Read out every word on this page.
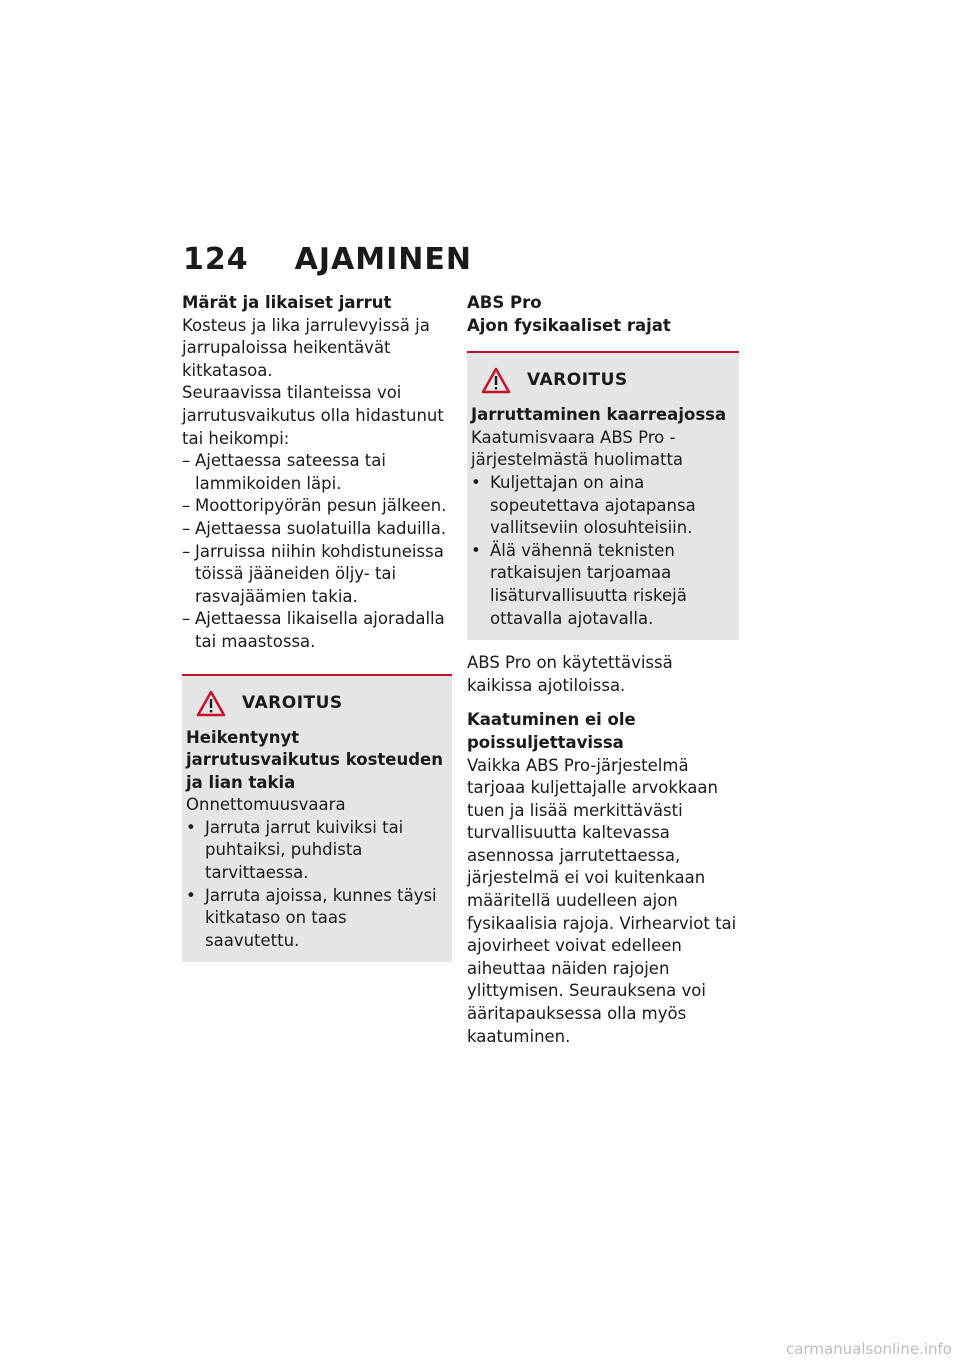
124 AJAMINEN

Märät ja likaiset jarrut

Kosteus ja lika jarrulevyissä ja jarrupaloissa heikentävät kitkatasoa.

Seuraavissa tilanteissa voi jarrutusvaikutus olla hidastunut tai heikompi:

– Ajettaessa sateessa tai lammikoiden läpi.
– Moottoripyörän pesun jälkeen.
– Ajettaessa suolatuilla kaduilla.
– Jarruissa niihin kohdistuneissa töissä jääneiden öljy- tai rasvajäämien takia.
– Ajettaessa likaisella ajoradalla tai maastossa.
VAROITUS

Heikentynyt jarrutusvaikutus kosteuden ja lian takia

Onnettomuusvaara

• Jarruta jarrut kuiviksi tai puhtaiksi, puhdista tarvittaessa.
• Jarruta ajoissa, kunnes täysi kitkataso on taas saavutettu.

ABS Pro

Ajon fysikaaliset rajat

VAROITUS

Jarruttaminen kaarreajossa

Kaatumisvaara ABS Pro -järjestelmästä huolimatta

• Kuljettajan on aina sopeutettava ajotapansa vallitseviin olosuhteisiin.
• Älä vähennä teknisten ratkaisujen tarjoamaa lisäturvallisuutta riskejä ottavalla ajotavalla.

ABS Pro on käytettävissä kaikissa ajotiloissa.

Kaatuminen ei ole poissuljettavissa

Vaikka ABS Pro-järjestelmä tarjoaa kuljettajalle arvokkaan tuen ja lisää merkittävästi turvallisuutta kaltevassa asennossa jarrutettaessa, järjestelmä ei voi kuitenkaan määritellä uudelleen ajon fysikaalisia rajoja. Virhearviot tai ajovirheet voivat edelleen aiheuttaa näiden rajojen ylittymisen. Seurauksena voi ääritapauksessa olla myös kaatuminen.

carmanualsonline.info
